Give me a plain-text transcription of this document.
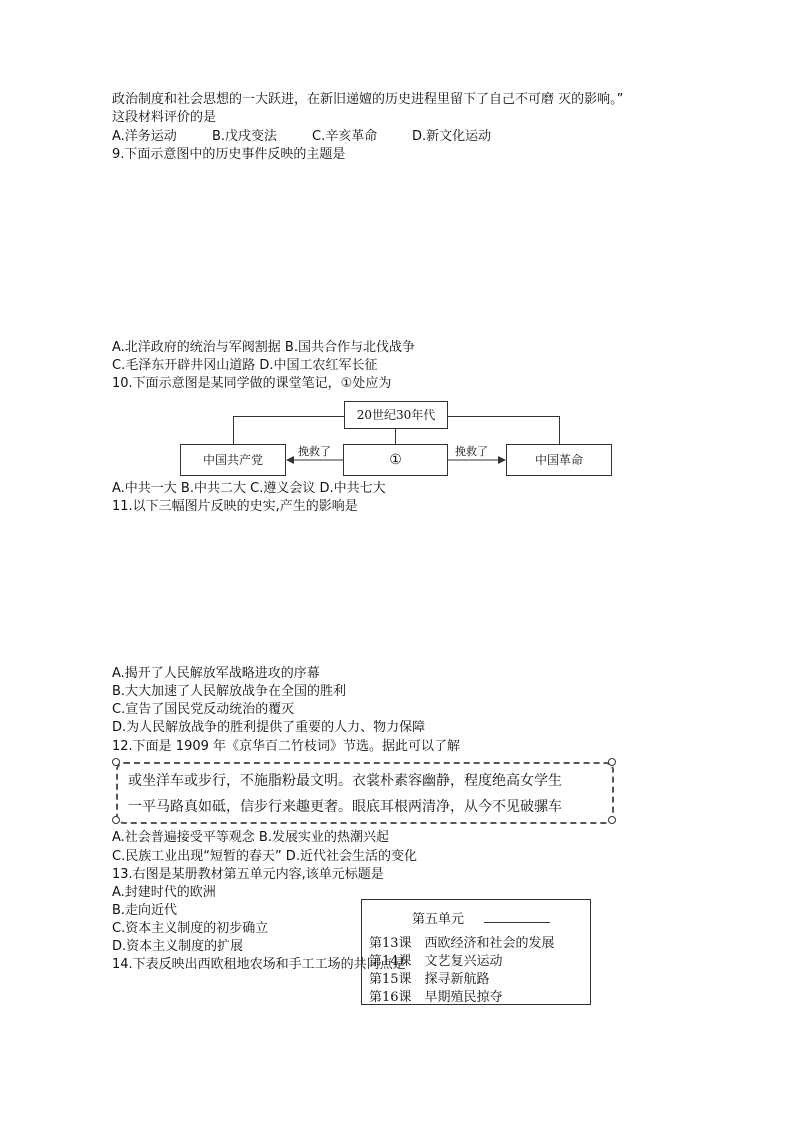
政治制度和社会思想的一大跃进，在新旧递嬗的历史进程里留下了自己不可磨 灭的影响。”
这段材料评价的是
A.洋务运动	B.戊戌变法	C.辛亥革命	D.新文化运动
9.下面示意图中的历史事件反映的主题是
A.北洋政府的统治与军阀割据 B.国共合作与北伐战争
C.毛泽东开辟井冈山道路 D.中国工农红军长征
10.下面示意图是某同学做的课堂笔记，①处应为
20世纪30年代
中国共产党	①	中国革命
挽救了	挽救了
A.中共一大 B.中共二大 C.遵义会议 D.中共七大
11.以下三幅图片反映的史实,产生的影响是
A.揭开了人民解放军战略进攻的序幕
B.大大加速了人民解放战争在全国的胜利
C.宣告了国民党反动统治的覆灭
D.为人民解放战争的胜利提供了重要的人力、物力保障
12.下面是 1909 年《京华百二竹枝词》节选。据此可以了解
或坐洋车或步行，不施脂粉最文明。衣裳朴素容幽静，程度绝高女学生
一平马路真如砥，信步行来趣更奢。眼底耳根两清净，从今不见破骡车
A.社会普遍接受平等观念 B.发展实业的热潮兴起
C.民族工业出现“短暂的春天” D.近代社会生活的变化
13.右图是某册教材第五单元内容,该单元标题是
A.封建时代的欧洲
B.走向近代
C.资本主义制度的初步确立
D.资本主义制度的扩展
第五单元
第13课　西欧经济和社会的发展
第14课　文艺复兴运动
第15课　探寻新航路
第16课　早期殖民掠夺
14.下表反映出西欧租地农场和手工工场的共同点是
